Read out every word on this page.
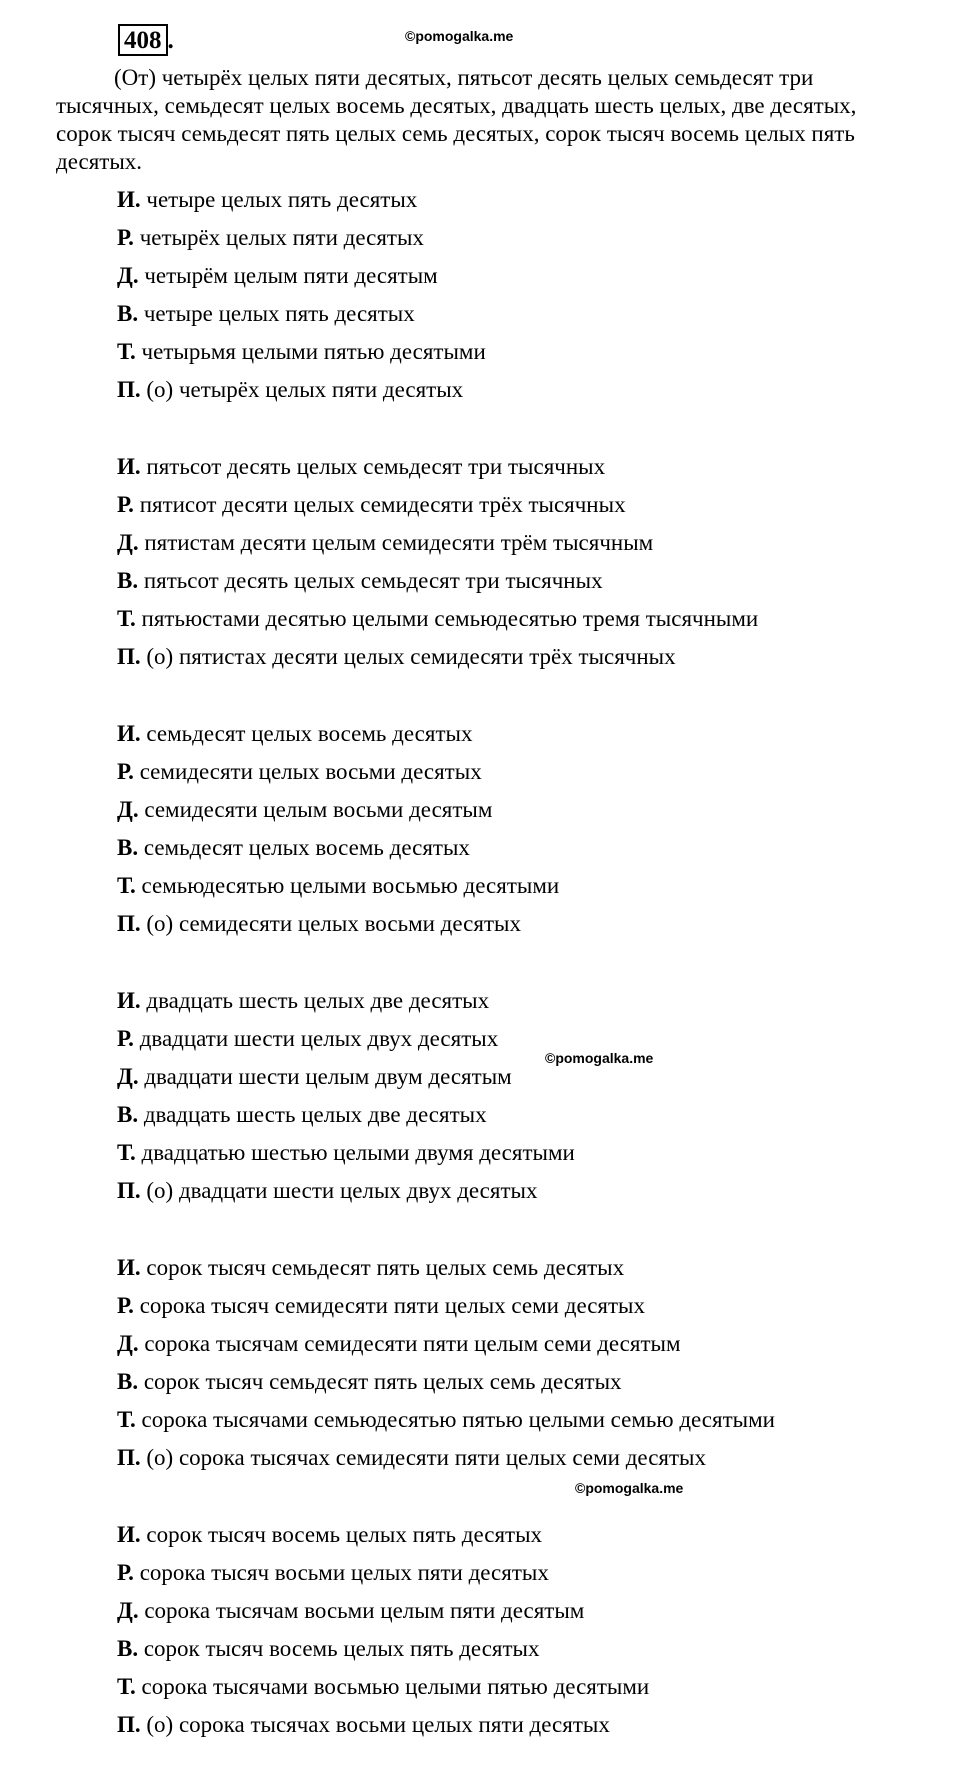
408 .	©pomogalka.me

(От) четырёх целых пяти десятых, пятьсот десять целых семьдесят три тысячных, семьдесят целых восемь десятых, двадцать шесть целых, две десятых, сорок тысяч семьдесят пять целых семь десятых, сорок тысяч восемь целых пять десятых.

И. четыре целых пять десятых
Р. четырёх целых пяти десятых
Д. четырём целым пяти десятым
В. четыре целых пять десятых
Т. четырьмя целыми пятью десятыми
П. (о) четырёх целых пяти десятых
И. пятьсот десять целых семьдесят три тысячных
Р. пятисот десяти целых семидесяти трёх тысячных
Д. пятистам десяти целым семидесяти трём тысячным
В. пятьсот десять целых семьдесят три тысячных
Т. пятьюстами десятью целыми семьюдесятью тремя тысячными
П. (о) пятистах десяти целых семидесяти трёх тысячных
И. семьдесят целых восемь десятых
Р. семидесяти целых восьми десятых
Д. семидесяти целым восьми десятым
В. семьдесят целых восемь десятых
Т. семьюдесятью целыми восьмью десятыми
П. (о) семидесяти целых восьми десятых
И. двадцать шесть целых две десятых
Р. двадцати шести целых двух десятых
©pomogalka.me
Д. двадцати шести целым двум десятым
В. двадцать шесть целых две десятых
Т. двадцатью шестью целыми двумя десятыми
П. (о) двадцати шести целых двух десятых
И. сорок тысяч семьдесят пять целых семь десятых
Р. сорока тысяч семидесяти пяти целых семи десятых
Д. сорока тысячам семидесяти пяти целым семи десятым
В. сорок тысяч семьдесят пять целых семь десятых
Т. сорока тысячами семьюдесятью пятью целыми семью десятыми
П. (о) сорока тысячах семидесяти пяти целых семи десятых
©pomogalka.me
И. сорок тысяч восемь целых пять десятых
Р. сорока тысяч восьми целых пяти десятых
Д. сорока тысячам восьми целым пяти десятым
В. сорок тысяч восемь целых пять десятых
Т. сорока тысячами восьмью целыми пятью десятыми
П. (о) сорока тысячах восьми целых пяти десятых
